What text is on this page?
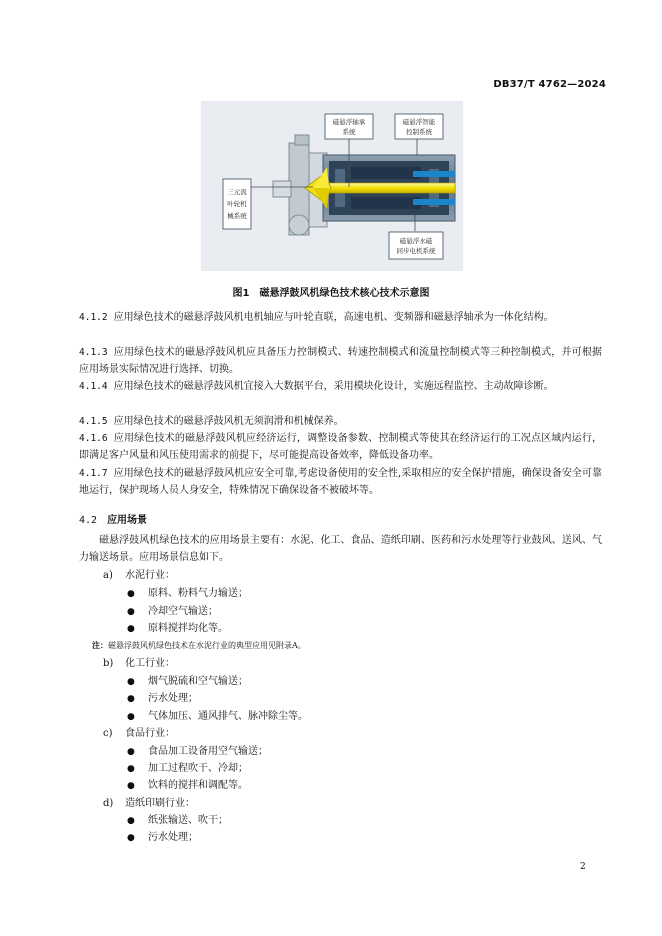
DB37/T 4762—2024
磁悬浮轴承
系统
磁悬浮智能
控制系统
三元流
叶轮机
械系统
磁悬浮永磁
同步电机系统
图1　磁悬浮鼓风机绿色技术核心技术示意图
4.1.2 应用绿色技术的磁悬浮鼓风机电机轴应与叶轮直联，高速电机、变频器和磁悬浮轴承为一体化结构。
4.1.3 应用绿色技术的磁悬浮鼓风机应具备压力控制模式、转速控制模式和流量控制模式等三种控制模式，并可根据应用场景实际情况进行选择、切换。
4.1.4 应用绿色技术的磁悬浮鼓风机宜接入大数据平台，采用模块化设计，实施远程监控、主动故障诊断。
4.1.5 应用绿色技术的磁悬浮鼓风机无须润滑和机械保养。
4.1.6 应用绿色技术的磁悬浮鼓风机应经济运行，调整设备参数、控制模式等使其在经济运行的工况点区域内运行，即满足客户风量和风压使用需求的前提下，尽可能提高设备效率，降低设备功率。
4.1.7 应用绿色技术的磁悬浮鼓风机应安全可靠,考虑设备使用的安全性,采取相应的安全保护措施，确保设备安全可靠地运行，保护现场人员人身安全，特殊情况下确保设备不被破坏等。
4.2 应用场景
磁悬浮鼓风机绿色技术的应用场景主要有：水泥、化工、食品、造纸印刷、医药和污水处理等行业鼓风、送风、气力输送场景。应用场景信息如下。
a) 水泥行业：
● 原料、粉料气力输送；
● 冷却空气输送；
● 原料搅拌均化等。
注：磁悬浮鼓风机绿色技术在水泥行业的典型应用见附录A。
b) 化工行业：
● 烟气脱硫和空气输送；
● 污水处理；
● 气体加压、通风排气、脉冲除尘等。
c) 食品行业：
● 食品加工设备用空气输送；
● 加工过程吹干、冷却；
● 饮料的搅拌和调配等。
d) 造纸印刷行业：
● 纸张输送、吹干；
● 污水处理；
2
